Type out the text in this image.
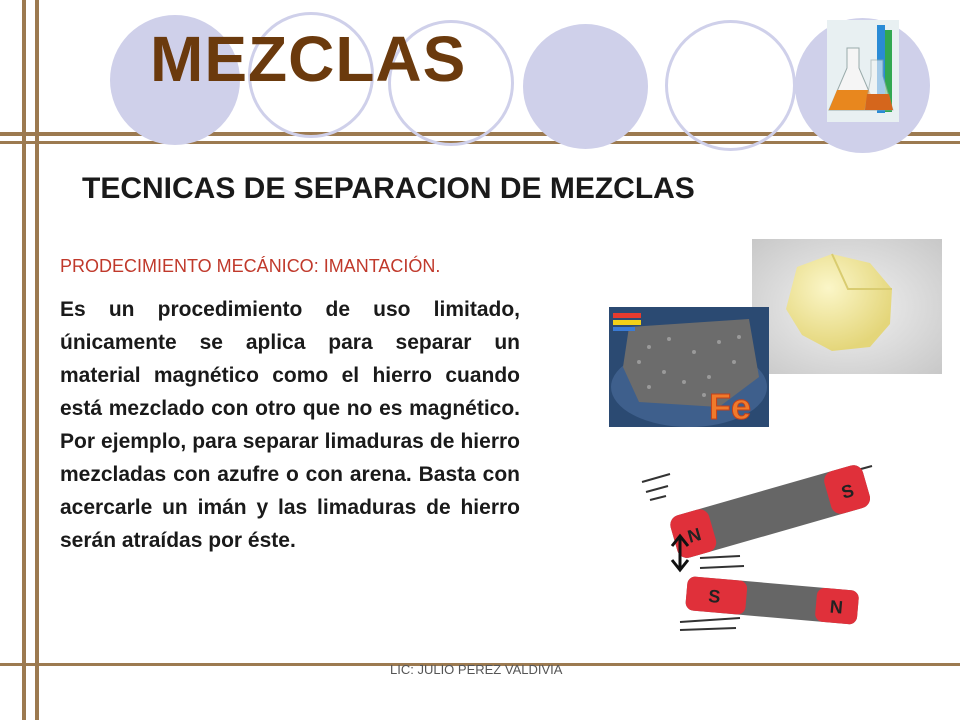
MEZCLAS
TECNICAS DE SEPARACION DE MEZCLAS
PRODECIMIENTO MECÁNICO: IMANTACIÓN.
Es un procedimiento de uso limitado, únicamente se aplica para separar un material magnético como el hierro cuando está mezclado con otro que no es magnético. Por ejemplo, para separar limaduras de hierro mezcladas con azufre o con arena. Basta con acercarle un imán y las limaduras de hierro serán atraídas por éste.
Fe
N
S
S
N
LIC: JULIO PEREZ VALDIVIA
